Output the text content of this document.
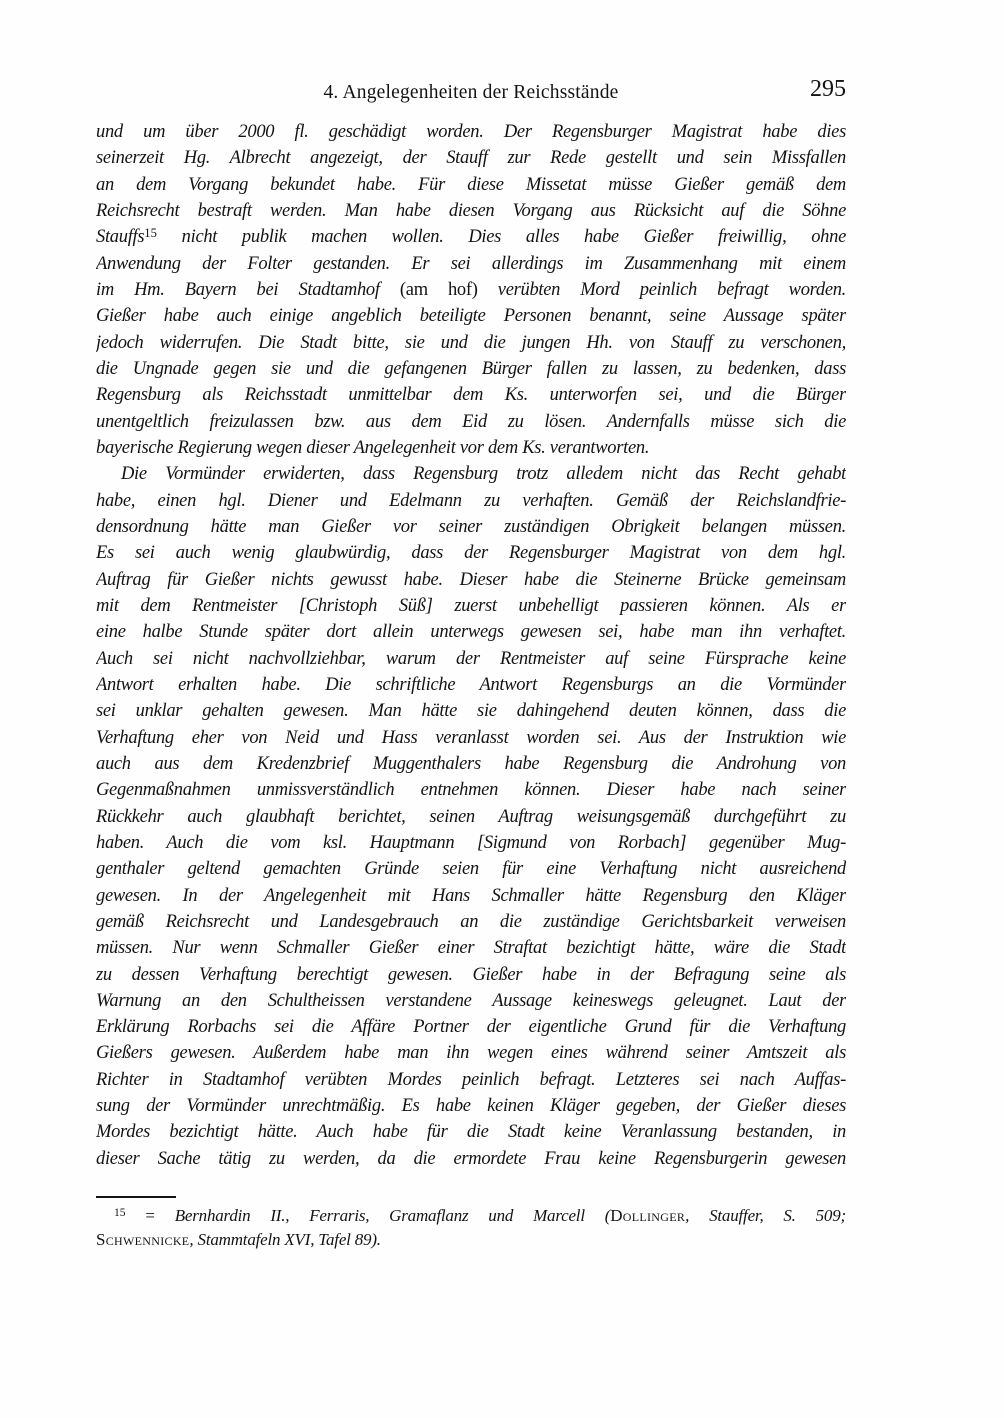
4. Angelegenheiten der Reichsstände	295
und um über 2000 fl. geschädigt worden. Der Regensburger Magistrat habe dies
seinerzeit Hg. Albrecht angezeigt, der Stauff zur Rede gestellt und sein Missfallen
an dem Vorgang bekundet habe. Für diese Missetat müsse Gießer gemäß dem
Reichsrecht bestraft werden. Man habe diesen Vorgang aus Rücksicht auf die Söhne
Stauffs$^{15}$ nicht publik machen wollen. Dies alles habe Gießer freiwillig, ohne
Anwendung der Folter gestanden. Er sei allerdings im Zusammenhang mit einem
im Hm. Bayern bei Stadtamhof (am hof) verübten Mord peinlich befragt worden.
Gießer habe auch einige angeblich beteiligte Personen benannt, seine Aussage später
jedoch widerrufen. Die Stadt bitte, sie und die jungen Hh. von Stauff zu verschonen,
die Ungnade gegen sie und die gefangenen Bürger fallen zu lassen, zu bedenken, dass
Regensburg als Reichsstadt unmittelbar dem Ks. unterworfen sei, und die Bürger
unentgeltlich freizulassen bzw. aus dem Eid zu lösen. Andernfalls müsse sich die
bayerische Regierung wegen dieser Angelegenheit vor dem Ks. verantworten.
Die Vormünder erwiderten, dass Regensburg trotz alledem nicht das Recht gehabt
habe, einen hgl. Diener und Edelmann zu verhaften. Gemäß der Reichslandfrie-
densordnung hätte man Gießer vor seiner zuständigen Obrigkeit belangen müssen.
Es sei auch wenig glaubwürdig, dass der Regensburger Magistrat von dem hgl.
Auftrag für Gießer nichts gewusst habe. Dieser habe die Steinerne Brücke gemeinsam
mit dem Rentmeister [Christoph Süß] zuerst unbehelligt passieren können. Als er
eine halbe Stunde später dort allein unterwegs gewesen sei, habe man ihn verhaftet.
Auch sei nicht nachvollziehbar, warum der Rentmeister auf seine Fürsprache keine
Antwort erhalten habe. Die schriftliche Antwort Regensburgs an die Vormünder
sei unklar gehalten gewesen. Man hätte sie dahingehend deuten können, dass die
Verhaftung eher von Neid und Hass veranlasst worden sei. Aus der Instruktion wie
auch aus dem Kredenzbrief Muggenthalers habe Regensburg die Androhung von
Gegenmaßnahmen unmissverständlich entnehmen können. Dieser habe nach seiner
Rückkehr auch glaubhaft berichtet, seinen Auftrag weisungsgemäß durchgeführt zu
haben. Auch die vom ksl. Hauptmann [Sigmund von Rorbach] gegenüber Mug-
genthaler geltend gemachten Gründe seien für eine Verhaftung nicht ausreichend
gewesen. In der Angelegenheit mit Hans Schmaller hätte Regensburg den Kläger
gemäß Reichsrecht und Landesgebrauch an die zuständige Gerichtsbarkeit verweisen
müssen. Nur wenn Schmaller Gießer einer Straftat bezichtigt hätte, wäre die Stadt
zu dessen Verhaftung berechtigt gewesen. Gießer habe in der Befragung seine als
Warnung an den Schultheissen verstandene Aussage keineswegs geleugnet. Laut der
Erklärung Rorbachs sei die Affäre Portner der eigentliche Grund für die Verhaftung
Gießers gewesen. Außerdem habe man ihn wegen eines während seiner Amtszeit als
Richter in Stadtamhof verübten Mordes peinlich befragt. Letzteres sei nach Auffas-
sung der Vormünder unrechtmäßig. Es habe keinen Kläger gegeben, der Gießer dieses
Mordes bezichtigt hätte. Auch habe für die Stadt keine Veranlassung bestanden, in
dieser Sache tätig zu werden, da die ermordete Frau keine Regensburgerin gewesen
$^{15}$ = Bernhardin II., Ferraris, Gramaflanz und Marcell (Dollinger, Stauffer, S. 509;
Schwennicke, Stammtafeln XVI, Tafel 89).
